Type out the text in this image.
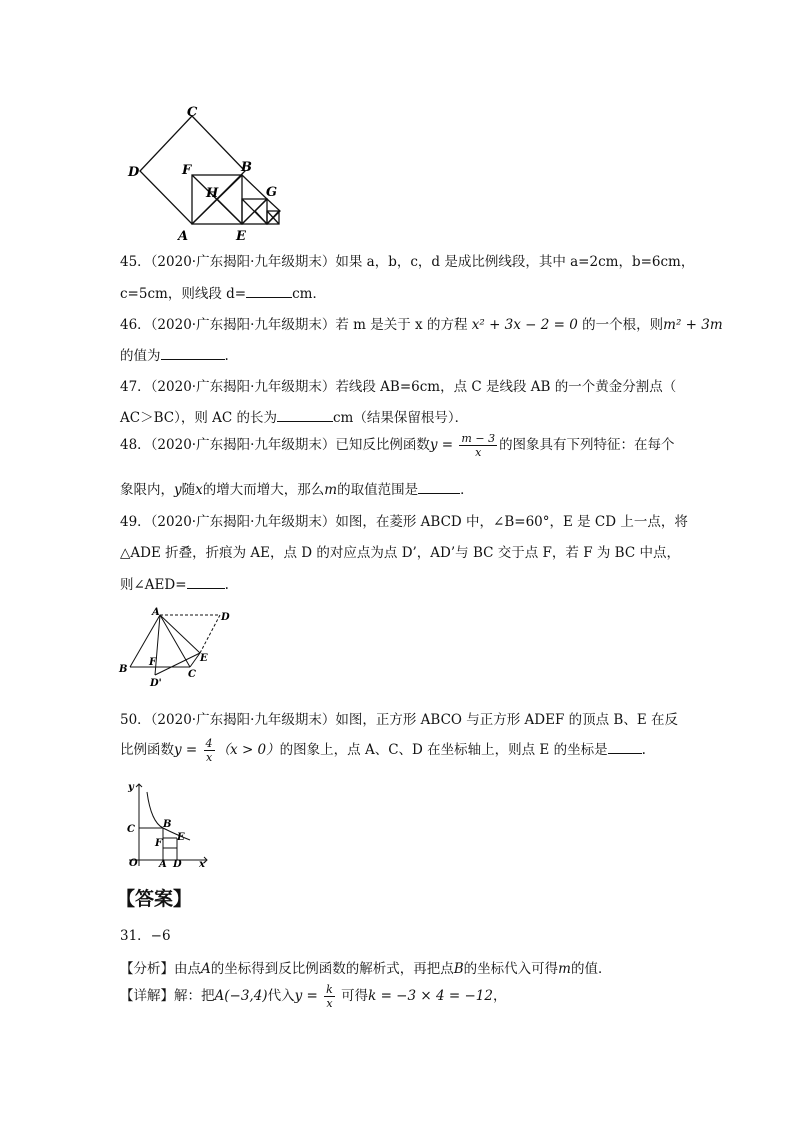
C
D	B
F
H	G
A	E
45．（2020·广东揭阳·九年级期末）如果 a，b，c，d 是成比例线段，其中 a=2cm，b=6cm，
c=5cm，则线段 d=	cm．
46．（2020·广东揭阳·九年级期末）若 m 是关于 x 的方程 x² + 3x − 2 = 0 的一个根，则m² + 3m
的值为	.
47．（2020·广东揭阳·九年级期末）若线段 AB=6cm，点 C 是线段 AB 的一个黄金分割点（
AC＞BC），则 AC 的长为	cm（结果保留根号）．
48．（2020·广东揭阳·九年级期末）已知反比例函数$y = \frac{m - 3}{x}$ 的图象具有下列特征：在每个
象限内，y随x的增大而增大，那么m的取值范围是	．
49．（2020·广东揭阳·九年级期末）如图，在菱形 ABCD 中，∠B=60°，E 是 CD 上一点，将
△ADE 折叠，折痕为 AE，点 D 的对应点为点 D’，AD’与 BC 交于点 F，若 F 为 BC 中点，
则∠AED=	.
A	D
B
F	E
C
D'
50．（2020·广东揭阳·九年级期末）如图，正方形 ABCO 与正方形 ADEF 的顶点 B、E 在反
比例函数$y = \frac{4}{x} (x > 0)$的图象上，点 A、C、D 在坐标轴上，则点 E 的坐标是	.
y
C	B
E
F
O A D x
【答案】
31．−6
【分析】由点A的坐标得到反比例函数的解析式，再把点B的坐标代入可得m的值．
【详解】解：把A(−3,4)代入$y = \frac{k}{x}$ 可得k = −3 × 4 = −12，
